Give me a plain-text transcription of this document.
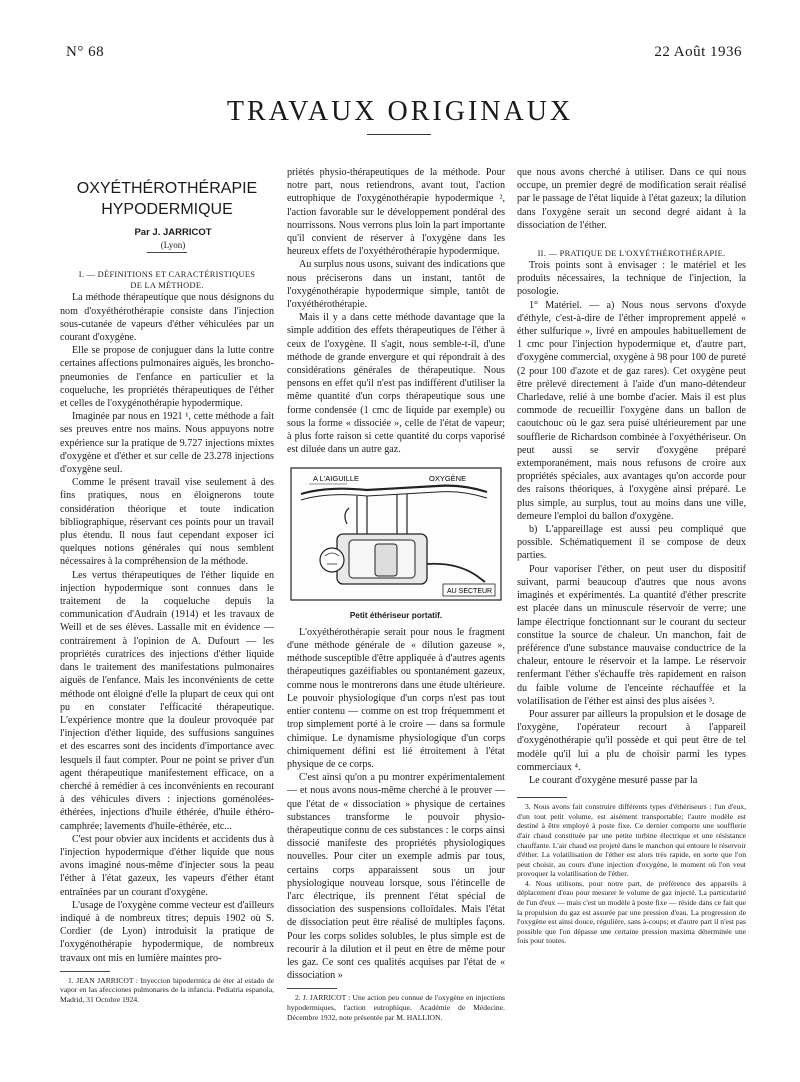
N° 68	22 Août 1936
TRAVAUX ORIGINAUX
OXYÉTHÉROTHÉRAPIE
HYPODERMIQUE

Par J. JARRICOT

(Lyon)

I. — DÉFINITIONS ET CARACTÉRISTIQUES
DE LA MÉTHODE.

La méthode thérapeutique que nous désignons du nom d'oxyéthérothérapie consiste dans l'injection sous-cutanée de vapeurs d'éther véhiculées par un courant d'oxygène.

Elle se propose de conjuguer dans la lutte contre certaines affections pulmonaires aiguës, les broncho-pneumonies de l'enfance en particulier et la coqueluche, les propriétés thérapeutiques de l'éther et celles de l'oxygénothérapie hypodermique.

Imaginée par nous en 1921 ¹, cette méthode a fait ses preuves entre nos mains. Nous appuyons notre expérience sur la pratique de 9.727 injections mixtes d'oxygène et d'éther et sur celle de 23.278 injections d'oxygène seul.

Comme le présent travail vise seulement à des fins pratiques, nous en éloignerons toute considération théorique et toute indication bibliographique, réservant ces points pour un travail plus étendu. Il nous faut cependant exposer ici quelques notions générales qui nous semblent nécessaires à la compréhension de la méthode.

Les vertus thérapeutiques de l'éther liquide en injection hypodermique sont connues dans le traitement de la coqueluche depuis la communication d'Audrain (1914) et les travaux de Weill et de ses élèves. Lassalle mit en évidence — contrairement à l'opinion de A. Dufourt — les propriétés curatrices des injections d'éther liquide dans le traitement des manifestations pulmonaires aiguës de l'enfance. Mais les inconvénients de cette méthode ont éloigné d'elle la plupart de ceux qui ont pu en constater l'efficacité thérapeutique. L'expérience montre que la douleur provoquée par l'injection d'éther liquide, des suffusions sanguines et des escarres sont des incidents d'importance avec lesquels il faut compter. Pour ne point se priver d'un agent thérapeutique manifestement efficace, on a cherché à remédier à ces inconvénients en recourant à des véhicules divers : injections goménolées-éthérées, injections d'huile éthérée, d'huile éthéro-camphrée; lavements d'huile-éthérée, etc...

C'est pour obvier aux incidents et accidents dus à l'injection hypodermique d'éther liquide que nous avons imaginé nous-même d'injecter sous la peau l'éther à l'état gazeux, les vapeurs d'éther étant entraînées par un courant d'oxygène.

L'usage de l'oxygène comme vecteur est d'ailleurs indiqué à de nombreux titres; depuis 1902 où S. Cordier (de Lyon) introduisit la pratique de l'oxygénothérapie hypodermique, de nombreux travaux ont mis en lumière maintes pro-

1. JEAN JARRICOT : Inyeccion hipodermica de éter al estado de vapor en las afecciones pulmonares de la infancia. Pediatria espanola, Madrid, 31 Octobre 1924.

priétés physio-thérapeutiques de la méthode. Pour notre part, nous retiendrons, avant tout, l'action eutrophique de l'oxygénothérapie hypodermique ², l'action favorable sur le développement pondéral des nourrissons. Nous verrons plus loin la part importante qu'il convient de réserver à l'oxygène dans les heureux effets de l'oxyéthérothérapie hypodermique.

Au surplus nous usons, suivant des indications que nous préciserons dans un instant, tantôt de l'oxygénothérapie hypodermique simple, tantôt de l'oxyéthérothérapie.

Mais il y a dans cette méthode davantage que la simple addition des effets thérapeutiques de l'éther à ceux de l'oxygène. Il s'agit, nous semble-t-il, d'une méthode de grande envergure et qui répondrait à des considérations générales de thérapeutique. Nous pensons en effet qu'il n'est pas indifférent d'utiliser la même quantité d'un corps thérapeutique sous une forme condensée (1 cmc de liquide par exemple) ou sous la forme « dissociée », celle de l'état de vapeur; à plus forte raison si cette quantité du corps vaporisé est diluée dans un autre gaz.

A L'AIGUILLE	OXYGÈNE
AU SECTEUR

Petit éthériseur portatif.

L'oxyéthérothérapie serait pour nous le fragment d'une méthode générale de « dilution gazeuse », méthode susceptible d'être appliquée à d'autres agents thérapeutiques gazéifiables ou spontanément gazeux, comme nous le montrerons dans une étude ultérieure. Le pouvoir physiologique d'un corps n'est pas tout entier contenu — comme on est trop fréquemment et trop simplement porté à le croire — dans sa formule chimique. Le dynamisme physiologique d'un corps chimiquement défini est lié étroitement à l'état physique de ce corps.

C'est ainsi qu'on a pu montrer expérimentalement — et nous avons nous-même cherché à le prouver — que l'état de « dissociation » physique de certaines substances transforme le pouvoir physio-thérapeutique connu de ces substances : le corps ainsi dissocié manifeste des propriétés physiologiques nouvelles. Pour citer un exemple admis par tous, certains corps apparaissent sous un jour physiologique nouveau lorsque, sous l'étincelle de l'arc électrique, ils prennent l'état spécial de dissociation des suspensions colloïdales. Mais l'état de dissociation peut être réalisé de multiples façons. Pour les corps solides solubles, le plus simple est de recourir à la dilution et il peut en être de même pour les gaz. Ce sont ces qualités acquises par l'état de « dissociation »

2. J. JARRICOT : Une action peu connue de l'oxygène en injections hypodermiques, l'action eutrophique. Académie de Médecine. Décembre 1932, note présentée par M. HALLION.

que nous avons cherché à utiliser. Dans ce qui nous occupe, un premier degré de modification serait réalisé par le passage de l'état liquide à l'état gazeux; la dilution dans l'oxygène serait un second degré aidant à la dissociation de l'éther.

II. — PRATIQUE DE L'OXYÉTHÉROTHÉRAPIE.

Trois points sont à envisager : le matériel et les produits nécessaires, la technique de l'injection, la posologie.

1° Matériel. — a) Nous nous servons d'oxyde d'éthyle, c'est-à-dire de l'éther improprement appelé « éther sulfurique », livré en ampoules habituellement de 1 cmc pour l'injection hypodermique et, d'autre part, d'oxygène commercial, oxygène à 98 pour 100 de pureté (2 pour 100 d'azote et de gaz rares). Cet oxygène peut être prélevé directement à l'aide d'un mano-détendeur Charledave, relié à une bombe d'acier. Mais il est plus commode de recueillir l'oxygène dans un ballon de caoutchouc où le gaz sera puisé ultérieurement par une soufflerie de Richardson combinée à l'oxyéthériseur. On peut aussi se servir d'oxygène préparé extemporanément, mais nous refusons de croire aux propriétés spéciales, aux avantages qu'on accorde pour des raisons théoriques, à l'oxygène ainsi préparé. Le plus simple, au surplus, tout au moins dans une ville, demeure l'emploi du ballon d'oxygène.

b) L'appareillage est aussi peu compliqué que possible. Schématiquement il se compose de deux parties.

Pour vaporiser l'éther, on peut user du dispositif suivant, parmi beaucoup d'autres que nous avons imaginés et expérimentés. La quantité d'éther prescrite est placée dans un minuscule réservoir de verre; une lampe électrique fonctionnant sur le courant du secteur constitue la source de chaleur. Un manchon, fait de préférence d'une substance mauvaise conductrice de la chaleur, entoure le réservoir et la lampe. Le réservoir renfermant l'éther s'échauffe très rapidement en raison du faible volume de l'enceinte réchauffée et la volatilisation de l'éther est ainsi des plus aisées ³.

Pour assurer par ailleurs la propulsion et le dosage de l'oxygène, l'opérateur recourt à l'appareil d'oxygénothérapie qu'il possède et qui peut être de tel modèle qu'il lui a plu de choisir parmi les types commerciaux ⁴.

Le courant d'oxygène mesuré passe par la

3. Nous avons fait construire différents types d'éthériseurs : l'un d'eux, d'un tout petit volume, est aisément transportable; l'autre modèle est destiné à être employé à poste fixe. Ce dernier comporte une soufflerie d'air chaud constituée par une petite turbine électrique et une résistance chauffante. L'air chaud est projeté dans le manchon qui entoure le réservoir d'éther. La volatilisation de l'éther est alors très rapide, en sorte que l'on peut choisir, au cours d'une injection d'oxygène, le moment où l'on veut provoquer la volatilisation de l'éther.

4. Nous utilisons, pour notre part, de préférence des appareils à déplacement d'eau pour mesurer le volume de gaz injecté. La particularité de l'un d'eux — mais c'est un modèle à poste fixe — réside dans ce fait que la propulsion du gaz est assurée par une pression d'eau. La progression de l'oxygène est ainsi douce, régulière, sans à-coups; et d'autre part il n'est pas possible que l'on dépasse une certaine pression maxima déterminée une fois pour toutes.
